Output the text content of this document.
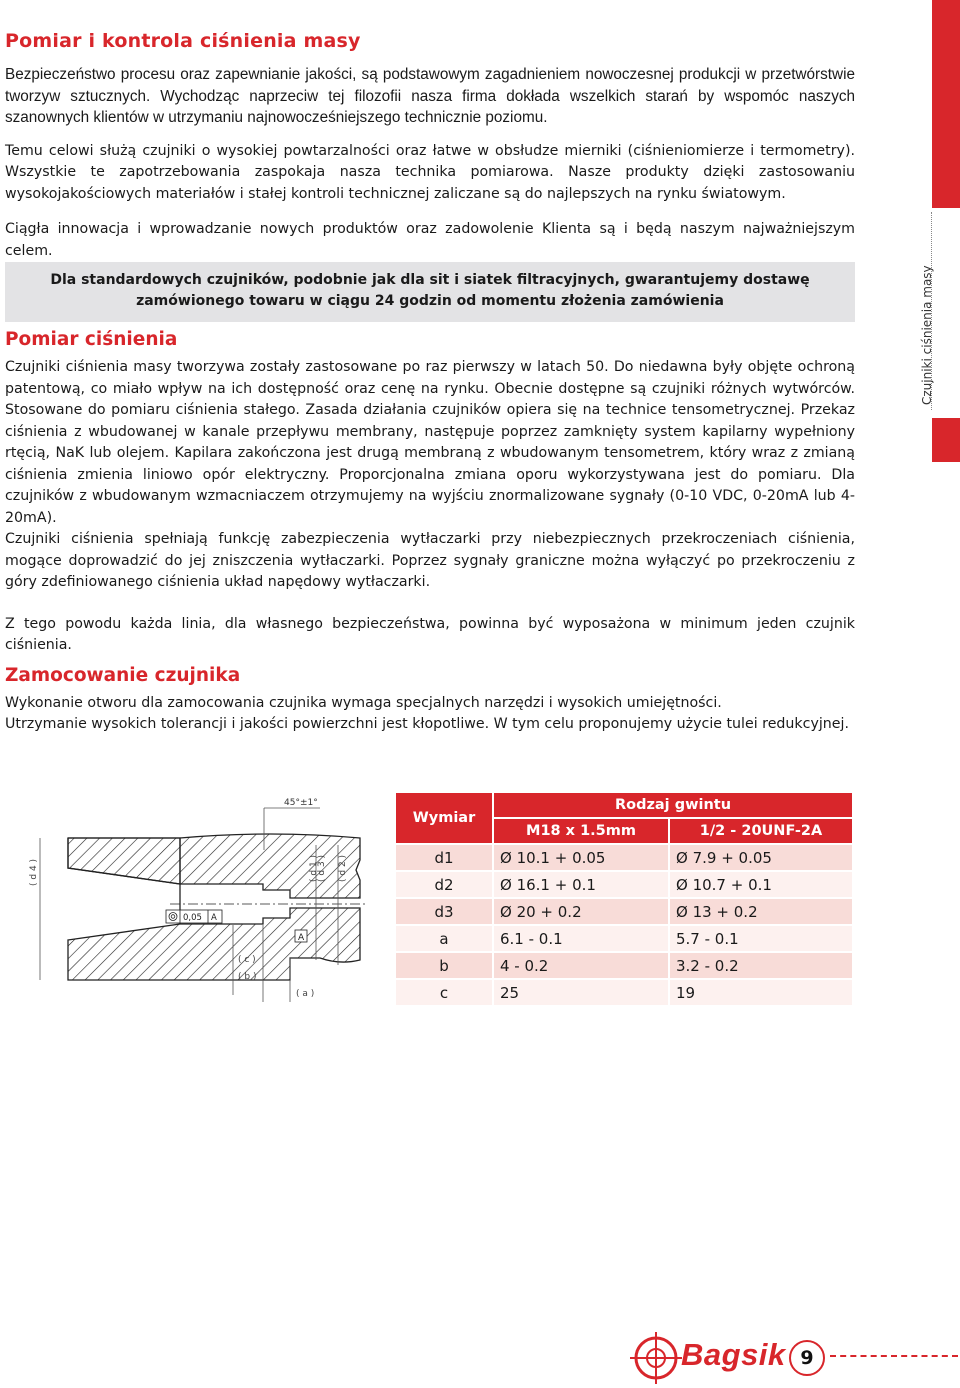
Czujniki ciśnienia masy
Pomiar i kontrola ciśnienia masy

Bezpieczeństwo procesu oraz zapewnianie jakości, są podstawowym zagadnieniem nowoczesnej produkcji w przetwórstwie tworzyw sztucznych. Wychodząc naprzeciw tej filozofii nasza firma dokłada wszelkich starań by wspomóc naszych szanownych klientów w utrzymaniu najnowocześniejszego technicznie poziomu.

Temu celowi służą czujniki o wysokiej powtarzalności oraz łatwe w obsłudze mierniki (ciśnieniomierze i termometry). Wszystkie te zapotrzebowania zaspokaja nasza technika pomiarowa. Nasze produkty dzięki zastosowaniu wysokojakościowych materiałów i stałej kontroli technicznej zaliczane są do najlepszych na rynku światowym.

Ciągła innowacja i wprowadzanie nowych produktów oraz zadowolenie Klienta są i będą naszym najważniejszym celem.

Dla standardowych czujników, podobnie jak dla sit i siatek filtracyjnych, gwarantujemy dostawę
zamówionego towaru w ciągu 24 godzin od momentu złożenia zamówienia
Pomiar ciśnienia

Czujniki ciśnienia masy tworzywa zostały zastosowane po raz pierwszy w latach 50. Do niedawna były objęte ochroną patentową, co miało wpływ na ich dostępność oraz cenę na rynku. Obecnie dostępne są czujniki różnych wytwórców. Stosowane do pomiaru ciśnienia stałego. Zasada działania czujników opiera się na technice tensometrycznej. Przekaz ciśnienia z wbudowanej w kanale przepływu membrany, następuje poprzez zamknięty system kapilarny wypełniony rtęcią, NaK lub olejem. Kapilara zakończona jest drugą membraną z wbudowanym tensometrem, który wraz z zmianą ciśnienia zmienia liniowo opór elektryczny. Proporcjonalna zmiana oporu wykorzystywana jest do pomiaru. Dla czujników z wbudowanym wzmacniaczem otrzymujemy na wyjściu znormalizowane sygnały (0-10 VDC, 0-20mA lub 4-20mA).

Czujniki ciśnienia spełniają funkcję zabezpieczenia wytłaczarki przy niebezpiecznych przekroczeniach ciśnienia, mogące doprowadzić do jej zniszczenia wytłaczarki. Poprzez sygnały graniczne można wyłączyć po przekroczeniu z góry zdefiniowanego ciśnienia układ napędowy wytłaczarki.

Z tego powodu każda linia, dla własnego bezpieczeństwa, powinna być wyposażona w minimum jeden czujnik ciśnienia.

Zamocowanie czujnika

Wykonanie otworu dla zamocowania czujnika wymaga specjalnych narzędzi i wysokich umiejętności.

Utrzymanie wysokich tolerancji i jakości powierzchni jest kłopotliwe. W tym celu proponujemy użycie tulei redukcyjnej.

( d 4 )	( d 1 )
( d 3 ) ( d 2 )
45°±1°
0,05 A
A
( c )
( b )
( a )
Wymiar	Rodzaj gwintu	
	M18 x 1.5mm	1/2 - 20UNF-2A
d1	Ø 10.1 + 0.05	Ø 7.9 + 0.05
d2	Ø 16.1 + 0.1	Ø 10.7 + 0.1
d3	Ø 20 + 0.2	Ø 13 + 0.2
a	6.1 - 0.1	5.7 - 0.1
b	4 - 0.2	3.2 - 0.2
c	25	19
Bagsik 9
